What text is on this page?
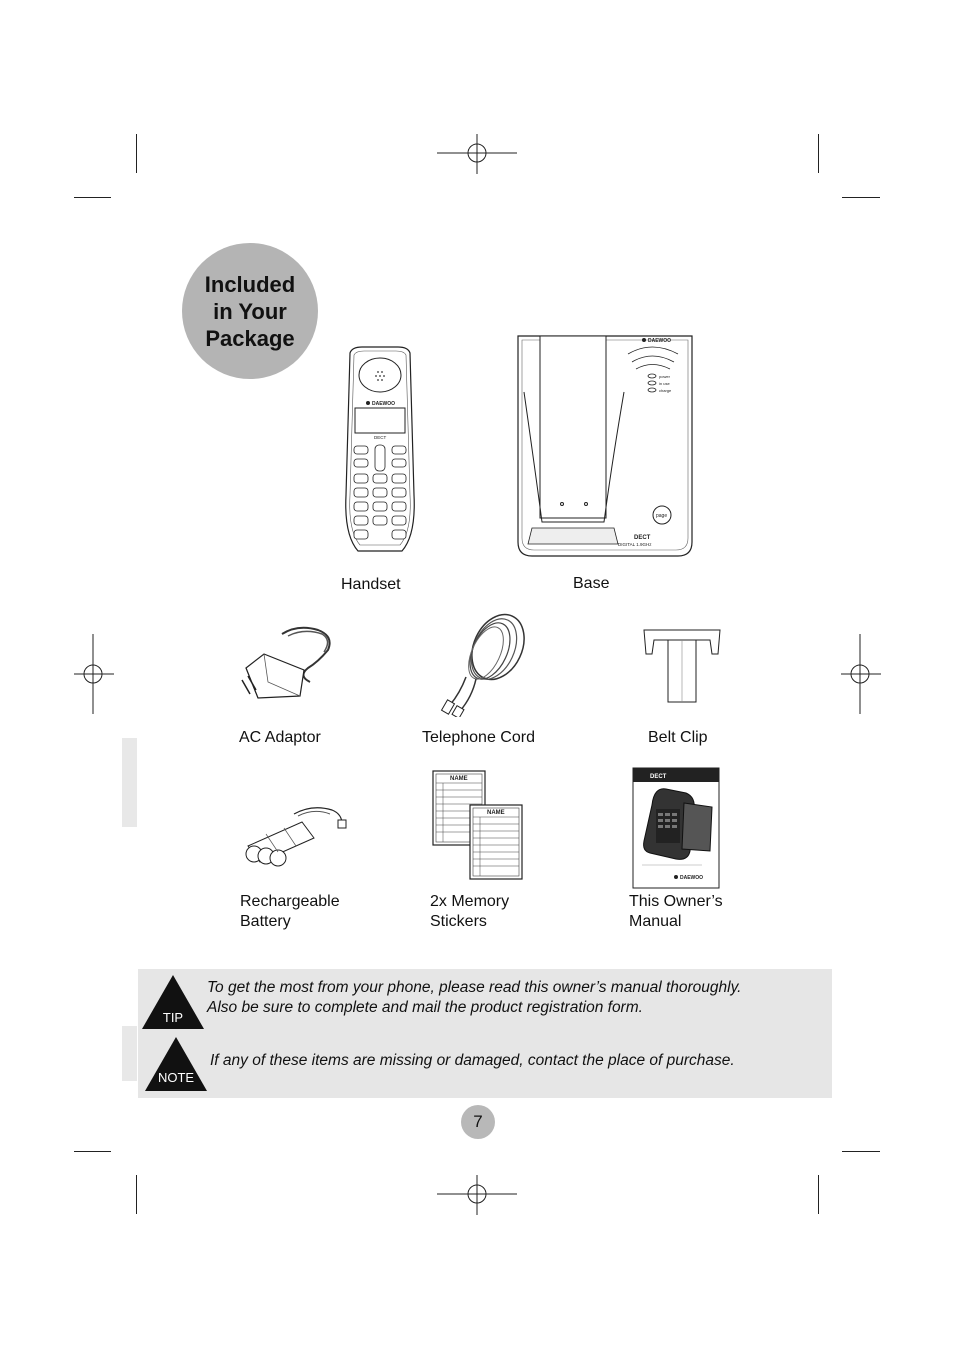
Included
in Your
Package
DAEWOO
DECT
DAEWOO
power
in use
charge
page
DECT
DIGITAL 1.9GHz
Handset	Base
AC Adaptor	Telephone Cord	Belt Clip
NAME
NAME
DECT
DAEWOO
Rechargeable
Battery
2x Memory
Stickers
This Owner’s
Manual
TIP
To get the most from your phone, please read this owner’s manual thoroughly.
Also be sure to complete and mail the product registration form.
NOTE
If any of these items are missing or damaged, contact the place of purchase.
7
